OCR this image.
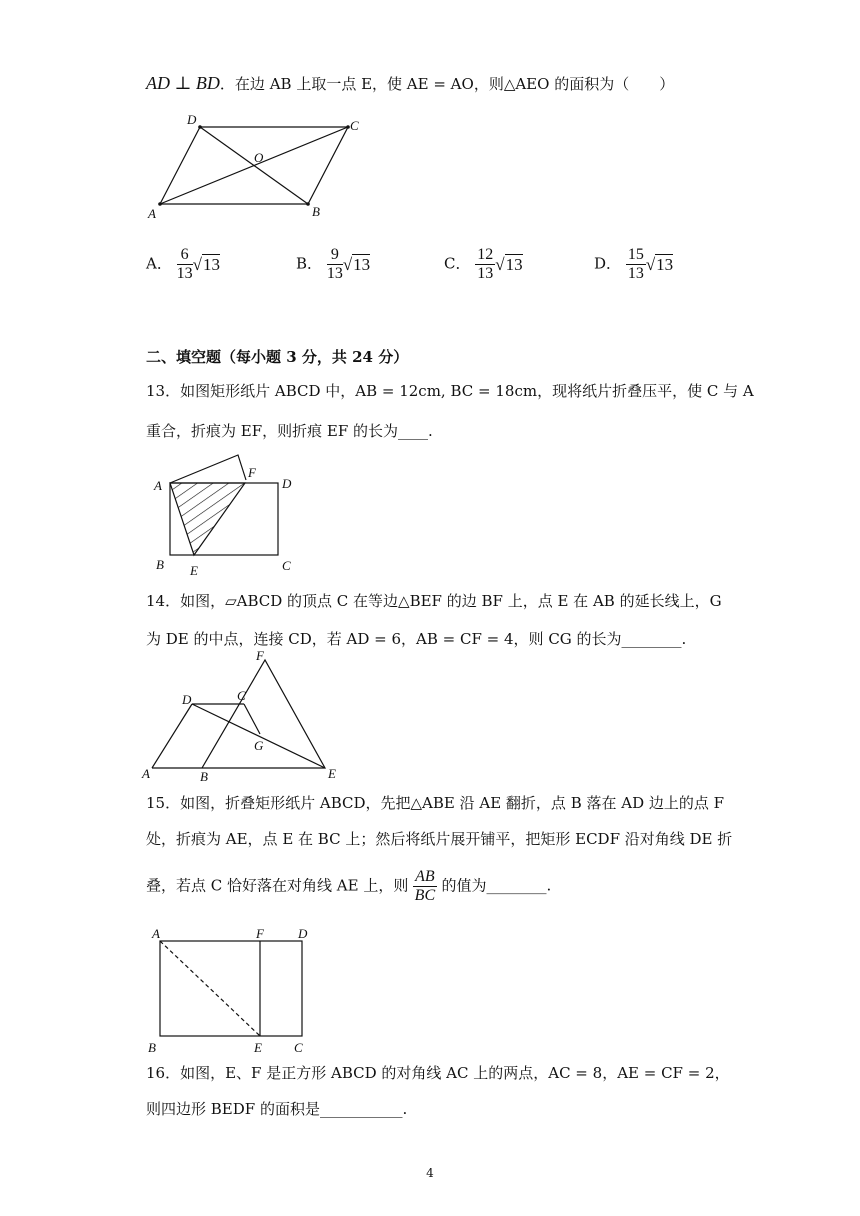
AD ⊥ BD．在边 AB 上取一点 E，使 AE = AO，则△AEO 的面积为（　　）
A	B
C
D
O
A． $\frac{6}{13} √13$	B． $\frac{9}{13} √13$	C． $\frac{12}{13} √13$	D． $\frac{15}{13} √13$
二、填空题（每小题 3 分，共 24 分）
13．如图矩形纸片 ABCD 中，AB = 12cm, BC = 18cm，现将纸片折叠压平，使 C 与 A
重合，折痕为 EF，则折痕 EF 的长为____.
A
B	C
D
E
F
14．如图，▱ABCD 的顶点 C 在等边△BEF 的边 BF 上，点 E 在 AB 的延长线上，G
为 DE 的中点，连接 CD，若 AD = 6，AB = CF = 4，则 CG 的长为________.
A	B
C
D
E
F
G
15．如图，折叠矩形纸片 ABCD，先把△ABE 沿 AE 翻折，点 B 落在 AD 边上的点 F
处，折痕为 AE，点 E 在 BC 上；然后将纸片展开铺平，把矩形 ECDF 沿对角线 DE 折
叠，若点 C 恰好落在对角线 AE 上，则 $\frac{AB}{BC}$ 的值为________.
A
B	C
D
E
F
16．如图，E、F 是正方形 ABCD 的对角线 AC 上的两点，AC = 8，AE = CF = 2，
则四边形 BEDF 的面积是___________.
4
